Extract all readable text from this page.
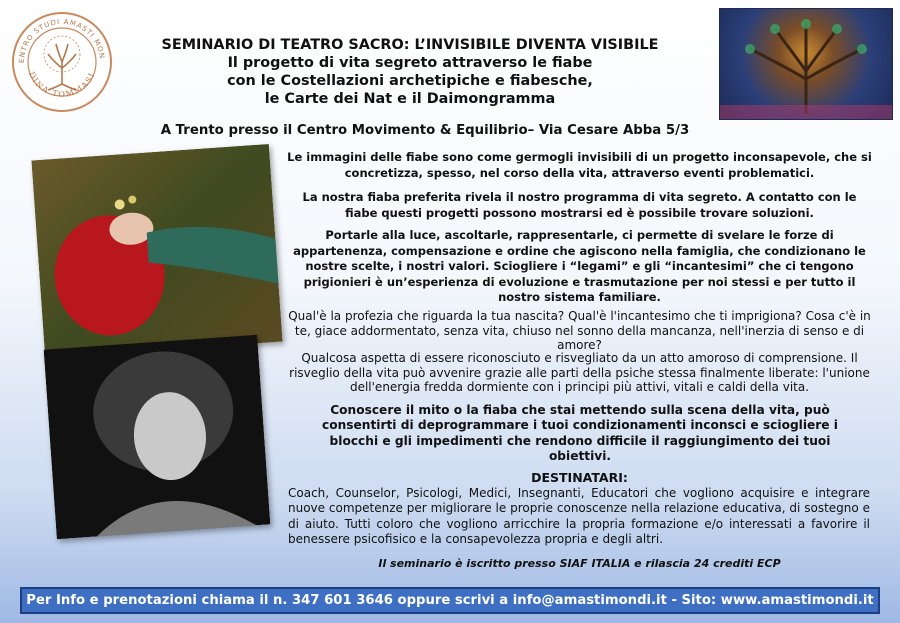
ENTRO STUDI AMASTI MON
DINA TOMMASI
SEMINARIO DI TEATRO SACRO: L’INVISIBILE DIVENTA VISIBILE
Il progetto di vita segreto attraverso le fiabe
con le Costellazioni archetipiche e fiabesche,
le Carte dei Nat e il Daimongramma
A Trento presso il Centro Movimento & Equilibrio– Via Cesare Abba 5/3
Le immagini delle fiabe sono come germogli invisibili di un progetto inconsapevole, che si concretizza, spesso, nel corso della vita, attraverso eventi problematici.
La nostra fiaba preferita rivela il nostro programma di vita segreto. A contatto con le fiabe questi progetti possono mostrarsi ed è possibile trovare soluzioni.
Portarle alla luce, ascoltarle, rappresentarle, ci permette di svelare le forze di appartenenza, compensazione e ordine che agiscono nella famiglia, che condizionano le nostre scelte, i nostri valori. Sciogliere i “legami” e gli “incantesimi” che ci tengono prigionieri è un’esperienza di evoluzione e trasmutazione per noi stessi e per tutto il nostro sistema familiare.
Qual'è la profezia che riguarda la tua nascita? Qual'è l'incantesimo che ti imprigiona? Cosa c'è in te, giace addormentato, senza vita, chiuso nel sonno della mancanza, nell'inerzia di senso e di amore?
Qualcosa aspetta di essere riconosciuto e risvegliato da un atto amoroso di comprensione. Il risveglio della vita può avvenire grazie alle parti della psiche stessa finalmente liberate: l'unione dell'energia fredda dormiente con i principi più attivi, vitali e caldi della vita.
Conoscere il mito o la fiaba che stai mettendo sulla scena della vita, può consentirti di deprogrammare i tuoi condizionamenti inconsci e sciogliere i blocchi e gli impedimenti che rendono difficile il raggiungimento dei tuoi obiettivi.
DESTINATARI:
Coach, Counselor, Psicologi, Medici, Insegnanti, Educatori che vogliono acquisire e integrare nuove competenze per migliorare le proprie conoscenze nella relazione educativa, di sostegno e di aiuto. Tutti coloro che vogliono arricchire la propria formazione e/o interessati a favorire il benessere psicofisico e la consapevolezza propria e degli altri.
Il seminario è iscritto presso SIAF ITALIA e rilascia 24 crediti ECP
Per Info e prenotazioni chiama il n. 347 601 3646 oppure scrivi a info@amastimondi.it - Sito: www.amastimondi.it
